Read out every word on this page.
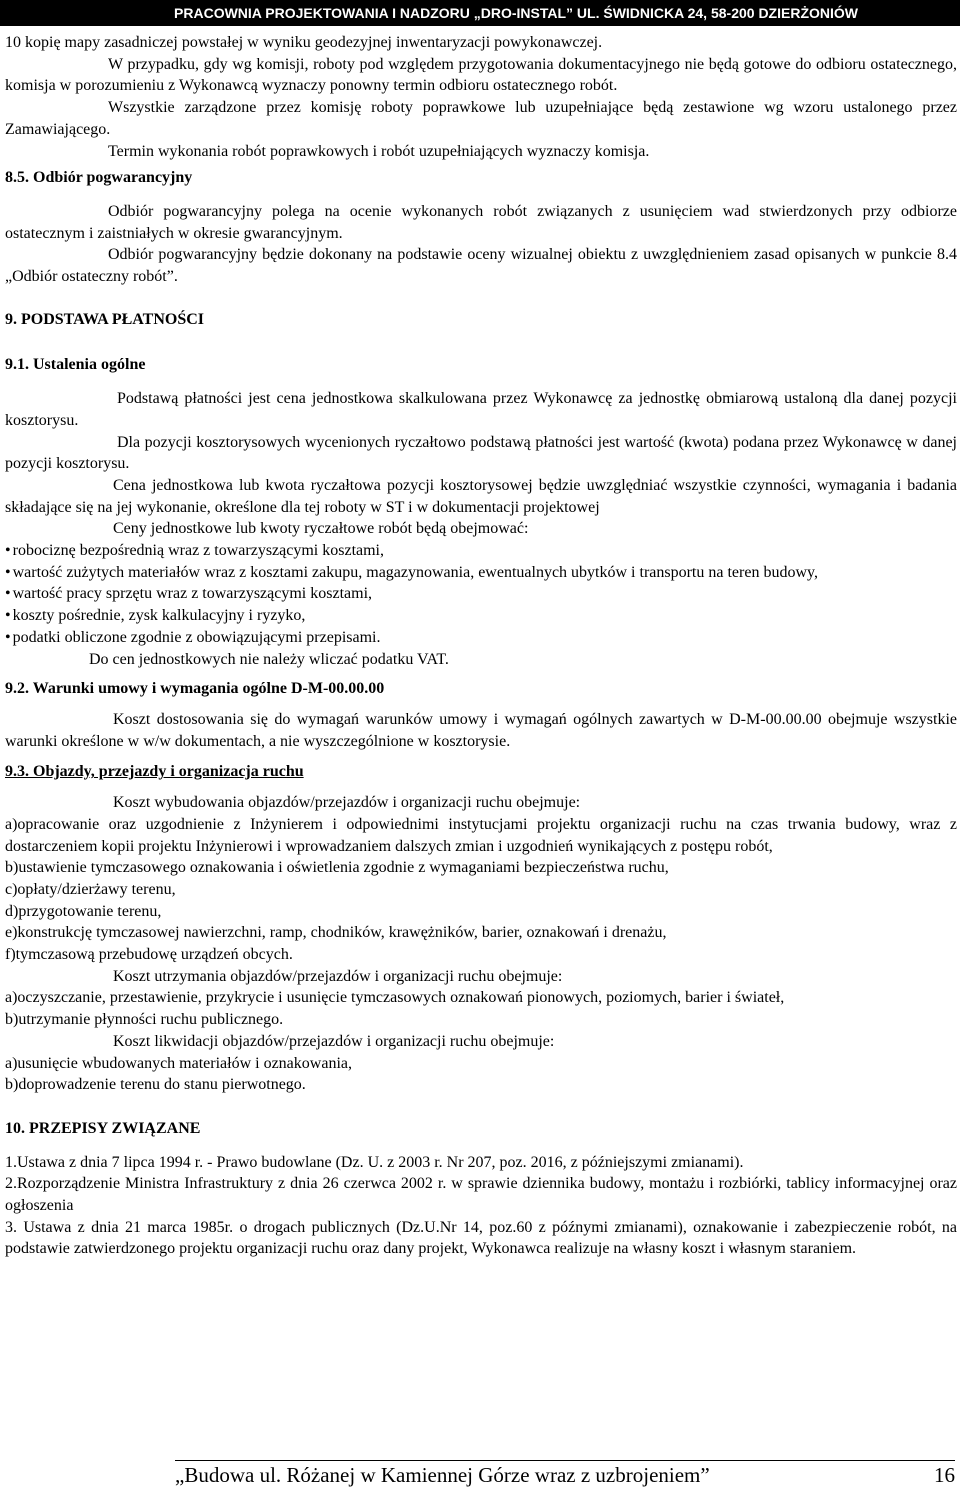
PRACOWNIA PROJEKTOWANIA I NADZORU „DRO-INSTAL” UL. ŚWIDNICKA 24, 58-200 DZIERŻONIÓW

10 kopię mapy zasadniczej powstałej w wyniku geodezyjnej inwentaryzacji powykonawczej.

W przypadku, gdy wg komisji, roboty pod względem przygotowania dokumentacyjnego nie będą gotowe do odbioru ostatecznego, komisja w porozumieniu z Wykonawcą wyznaczy ponowny termin odbioru ostatecznego robót.

Wszystkie zarządzone przez komisję roboty poprawkowe lub uzupełniające będą zestawione wg wzoru ustalonego przez Zamawiającego.

Termin wykonania robót poprawkowych i robót uzupełniających wyznaczy komisja.

8.5. Odbiór pogwarancyjny

Odbiór pogwarancyjny polega na ocenie wykonanych robót związanych z usunięciem wad stwierdzonych przy odbiorze ostatecznym i zaistniałych w okresie gwarancyjnym.

Odbiór pogwarancyjny będzie dokonany na podstawie oceny wizualnej obiektu z uwzględnieniem zasad opisanych w punkcie 8.4 „Odbiór ostateczny robót”.

9. PODSTAWA PŁATNOŚCI

9.1. Ustalenia ogólne

Podstawą płatności jest cena jednostkowa skalkulowana przez Wykonawcę za jednostkę obmiarową ustaloną dla danej pozycji kosztorysu.

Dla pozycji kosztorysowych wycenionych ryczałtowo podstawą płatności jest wartość (kwota) podana przez Wykonawcę w danej pozycji kosztorysu.

Cena jednostkowa lub kwota ryczałtowa pozycji kosztorysowej będzie uwzględniać wszystkie czynności, wymagania i badania składające się na jej wykonanie, określone dla tej roboty w ST i w dokumentacji projektowej

Ceny jednostkowe lub kwoty ryczałtowe robót będą obejmować:

• robociznę bezpośrednią wraz z towarzyszącymi kosztami,

• wartość zużytych materiałów wraz z kosztami zakupu, magazynowania, ewentualnych ubytków i transportu na teren budowy,

• wartość pracy sprzętu wraz z towarzyszącymi kosztami,

• koszty pośrednie, zysk kalkulacyjny i ryzyko,

• podatki obliczone zgodnie z obowiązującymi przepisami.

Do cen jednostkowych nie należy wliczać podatku VAT.

9.2. Warunki umowy i wymagania ogólne D-M-00.00.00

Koszt dostosowania się do wymagań warunków umowy i wymagań ogólnych zawartych w D-M-00.00.00 obejmuje wszystkie warunki określone w w/w dokumentach, a nie wyszczególnione w kosztorysie.

9.3. Objazdy, przejazdy i organizacja ruchu

Koszt wybudowania objazdów/przejazdów i organizacji ruchu obejmuje:

a)opracowanie oraz uzgodnienie z Inżynierem i odpowiednimi instytucjami projektu organizacji ruchu na czas trwania budowy, wraz z dostarczeniem kopii projektu Inżynierowi i wprowadzaniem dalszych zmian i uzgodnień wynikających z postępu robót,

b)ustawienie tymczasowego oznakowania i oświetlenia zgodnie z wymaganiami bezpieczeństwa ruchu,

c)opłaty/dzierżawy terenu,

d)przygotowanie terenu,

e)konstrukcję tymczasowej nawierzchni, ramp, chodników, krawężników, barier, oznakowań i drenażu,

f)tymczasową przebudowę urządzeń obcych.

Koszt utrzymania objazdów/przejazdów i organizacji ruchu obejmuje:

a)oczyszczanie, przestawienie, przykrycie i usunięcie tymczasowych oznakowań pionowych, poziomych, barier i świateł,

b)utrzymanie płynności ruchu publicznego.

Koszt likwidacji objazdów/przejazdów i organizacji ruchu obejmuje:

a)usunięcie wbudowanych materiałów i oznakowania,

b)doprowadzenie terenu do stanu pierwotnego.

10. PRZEPISY ZWIĄZANE

1.Ustawa z dnia 7 lipca 1994 r. - Prawo budowlane (Dz. U. z 2003 r. Nr 207, poz. 2016, z późniejszymi zmianami).

2.Rozporządzenie Ministra Infrastruktury z dnia 26 czerwca 2002 r. w sprawie dziennika budowy, montażu i rozbiórki, tablicy informacyjnej oraz ogłoszenia

3. Ustawa z dnia 21 marca 1985r. o drogach publicznych (Dz.U.Nr 14, poz.60 z późnymi zmianami), oznakowanie i zabezpieczenie robót, na podstawie zatwierdzonego projektu organizacji ruchu oraz dany projekt, Wykonawca realizuje na własny koszt i własnym staraniem.

„Budowa ul. Różanej w Kamiennej Górze wraz z uzbrojeniem”	16
